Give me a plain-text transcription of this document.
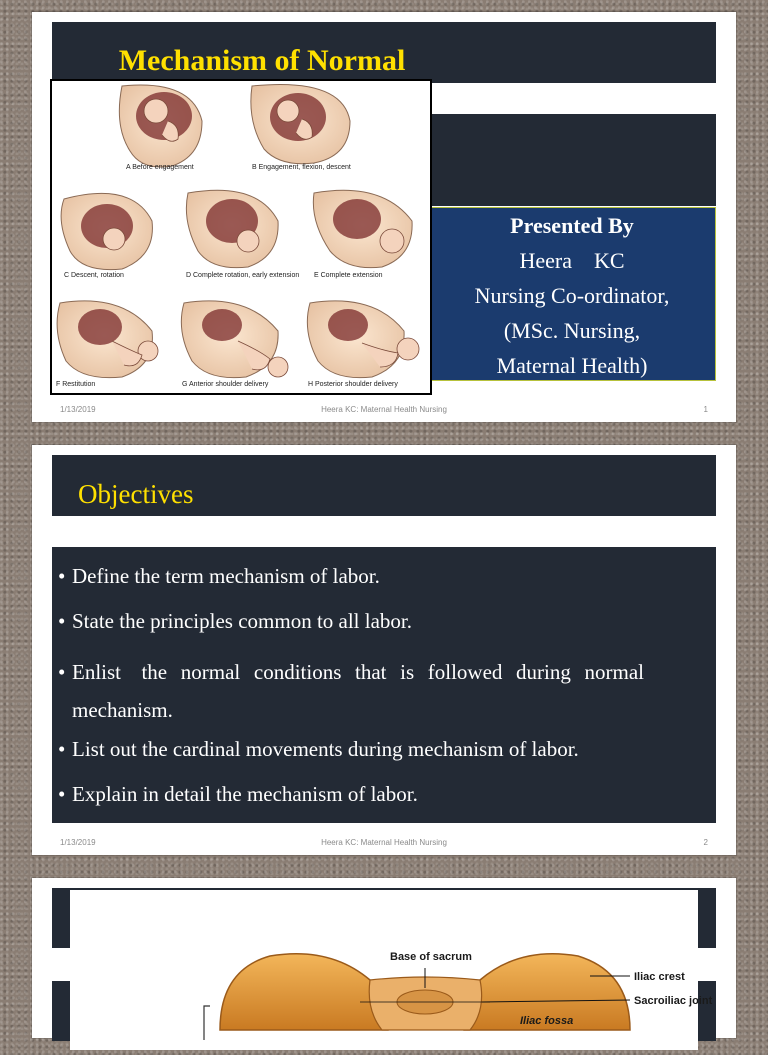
Mechanism of Normal
Presented By
Heera    KC
Nursing Co-ordinator,
(MSc. Nursing,
Maternal Health)
A Before engagement	B Engagement, flexion, descent
C Descent, rotation	D Complete rotation, early extension E Complete extension
F Restitution	G Anterior shoulder delivery	H Posterior shoulder delivery
1/13/2019	Heera KC: Maternal Health Nursing	1
Objectives
• Define the term mechanism of labor.
• State the principles common to all labor.
• Enlist   the  normal  conditions  that  is  followed  during  normal  mechanism.
• List out the cardinal movements during mechanism of labor.
• Explain in detail the mechanism of labor.
1/13/2019	Heera KC: Maternal Health Nursing	2
Base of sacrum
Iliac crest
Sacroiliac joint
Iliac fossa
